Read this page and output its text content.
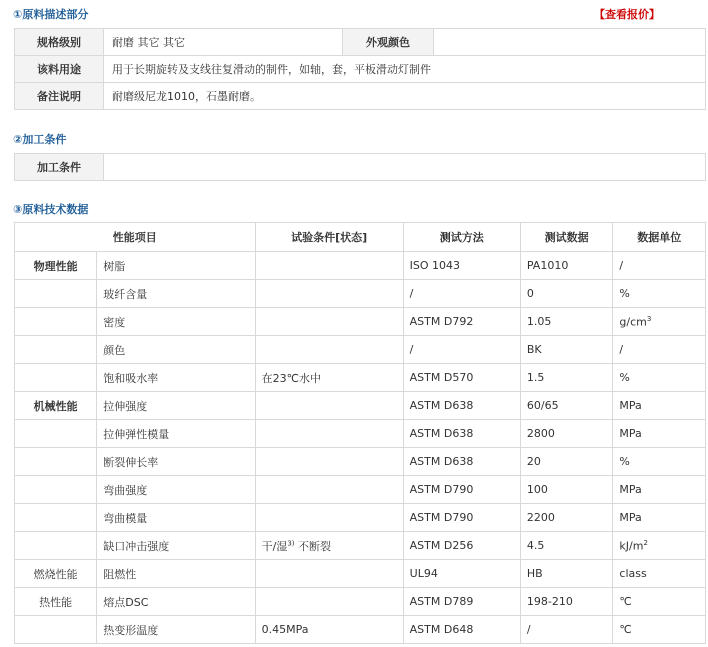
①原料描述部分	【查看报价】
规格级别	耐磨 其它 其它	外观颜色	
该料用途	用于长期旋转及支线往复滑动的制件，如轴，套，平板滑动灯制件		
备注说明	耐磨级尼龙1010，石墨耐磨。		
②加工条件
加工条件	
③原料技术数据
性能项目		试验条件[状态]	测试方法	测试数据	数据单位
物理性能	树脂		ISO 1043	PA1010	/
	玻纤含量		/	0	%
	密度		ASTM D792	1.05	$g/cm^3$
	颜色		/	BK	/
	饱和吸水率	在23℃水中	ASTM D570	1.5	%
机械性能	拉伸强度		ASTM D638	60/65	MPa
	拉伸弹性模量		ASTM D638	2800	MPa
	断裂伸长率		ASTM D638	20	%
	弯曲强度		ASTM D790	100	MPa
	弯曲模量		ASTM D790	2200	MPa
	缺口冲击强度	干/湿$^{3)}$ 不断裂	ASTM D256	4.5	$kJ/m^2$
燃烧性能	阻燃性		UL94	HB	class
热性能	熔点DSC		ASTM D789	198-210	℃
	热变形温度	0.45MPa	ASTM D648	/	℃
